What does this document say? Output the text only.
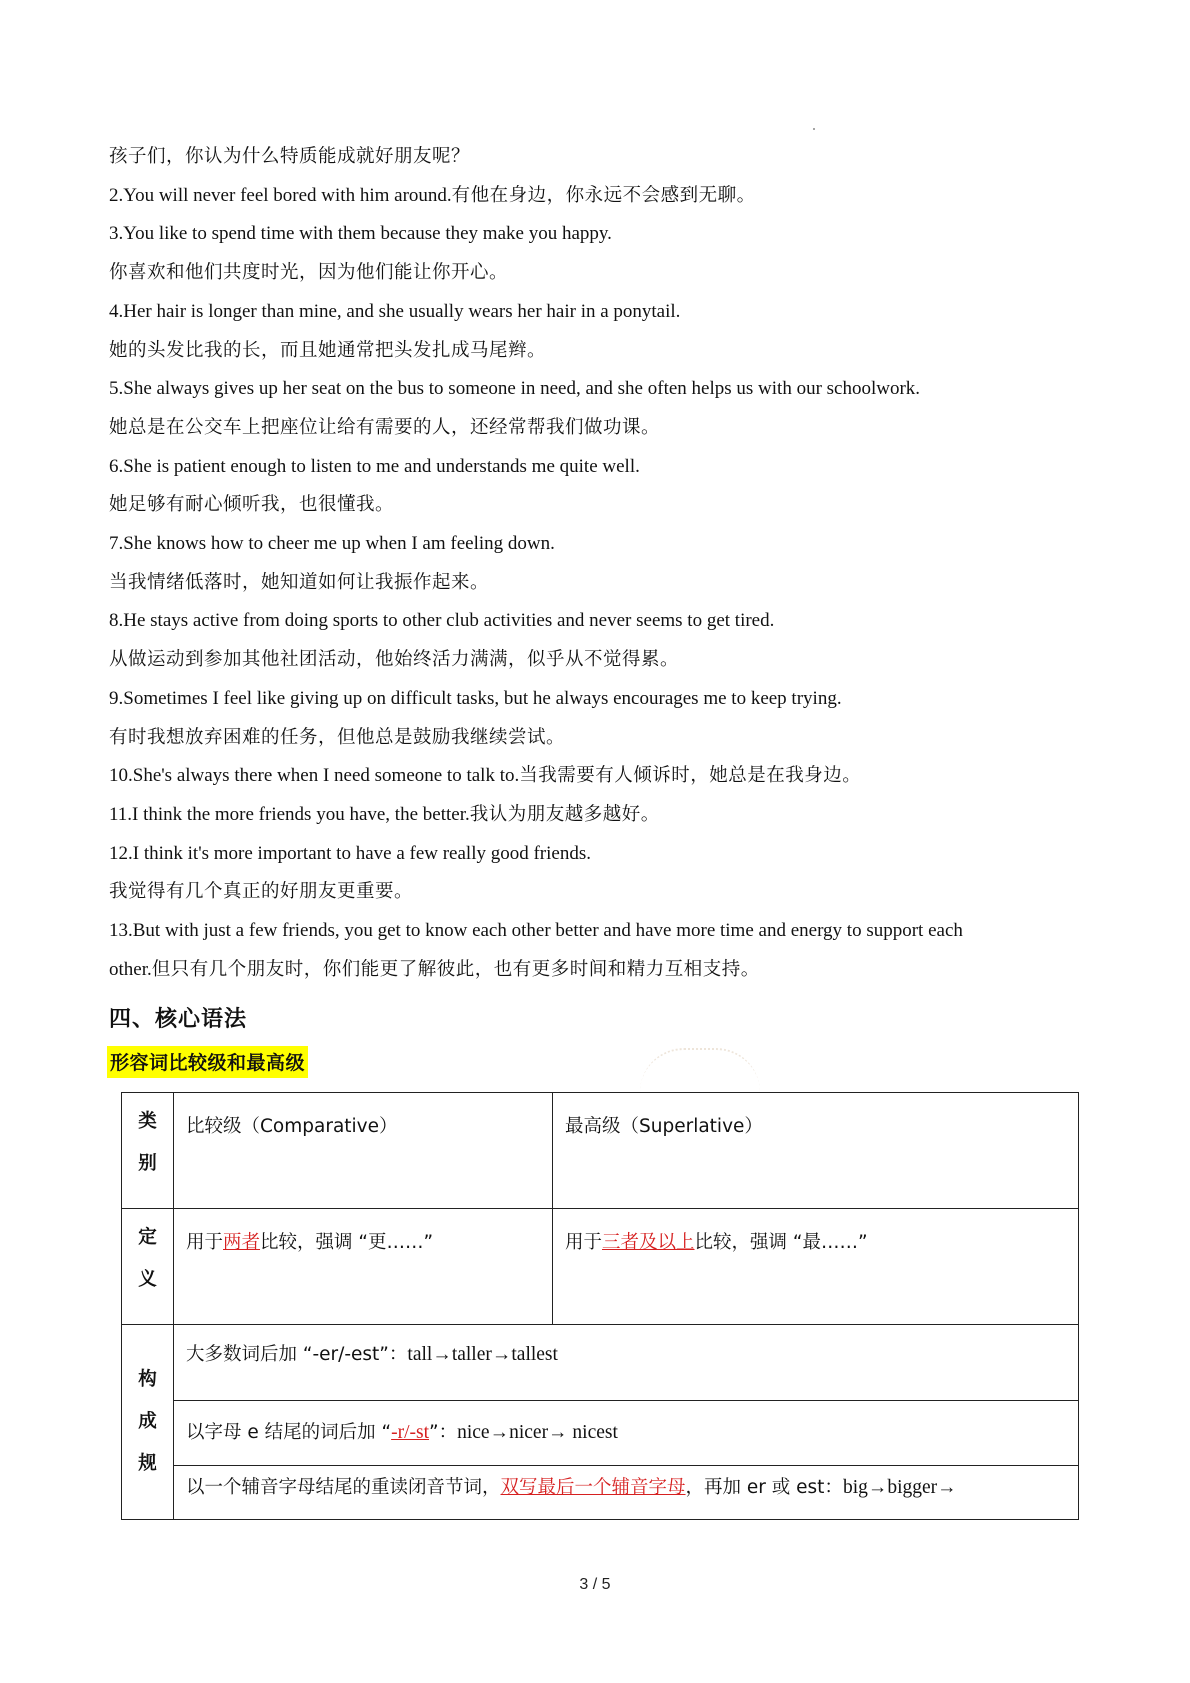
孩子们，你认为什么特质能成就好朋友呢？
2.You will never feel bored with him around.有他在身边，你永远不会感到无聊。
3.You like to spend time with them because they make you happy.
你喜欢和他们共度时光，因为他们能让你开心。
4.Her hair is longer than mine, and she usually wears her hair in a ponytail.
她的头发比我的长，而且她通常把头发扎成马尾辫。
5.She always gives up her seat on the bus to someone in need, and she often helps us with our schoolwork.
她总是在公交车上把座位让给有需要的人，还经常帮我们做功课。
6.She is patient enough to listen to me and understands me quite well.
她足够有耐心倾听我，也很懂我。
7.She knows how to cheer me up when I am feeling down.
当我情绪低落时，她知道如何让我振作起来。
8.He stays active from doing sports to other club activities and never seems to get tired.
从做运动到参加其他社团活动，他始终活力满满，似乎从不觉得累。
9.Sometimes I feel like giving up on difficult tasks, but he always encourages me to keep trying.
有时我想放弃困难的任务，但他总是鼓励我继续尝试。
10.She's always there when I need someone to talk to.当我需要有人倾诉时，她总是在我身边。
11.I think the more friends you have, the better.我认为朋友越多越好。
12.I think it's more important to have a few really good friends.
我觉得有几个真正的好朋友更重要。
13.But with just a few friends, you get to know each other better and have more time and energy to support each
other.但只有几个朋友时，你们能更了解彼此，也有更多时间和精力互相支持。
四、核心语法
形容词比较级和最高级
类
别	比较级（Comparative）	最高级（Superlative）

定
义	用于两者比较，强调 “更……”	用于三者及以上比较，强调 “最……”

构
成
规	大多数词后加 “-er/-est”：tall→taller→tallest	

	以字母 e 结尾的词后加 “-r/-st”：nice→nicer→ nicest	

	以一个辅音字母结尾的重读闭音节词，双写最后一个辅音字母，再加 er 或 est：big→bigger→	
3 / 5
